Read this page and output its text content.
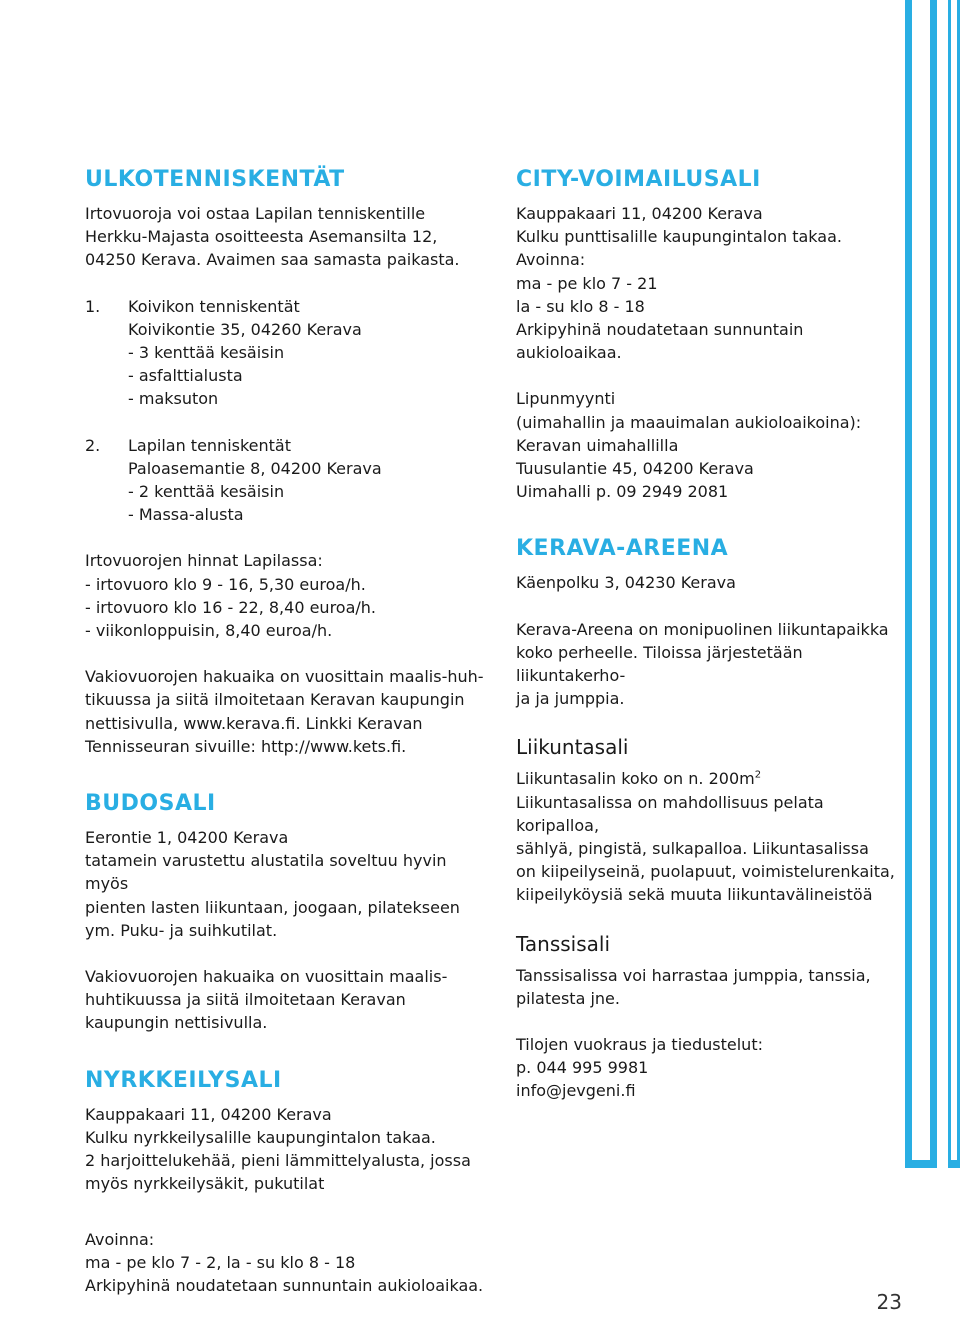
ULKOTENNISKENTÄT
Irtovuoroja voi ostaa Lapilan tenniskentille
Herkku-Majasta osoitteesta Asemansilta 12,
04250 Kerava. Avaimen saa samasta paikasta.
1.	Koivikon tenniskentät
Koivikontie 35, 04260 Kerava
- 3 kenttää kesäisin
- asfalttialusta
- maksuton
2.	Lapilan tenniskentät
Paloasemantie 8, 04200 Kerava
- 2 kenttää kesäisin
- Massa-alusta
Irtovuorojen hinnat Lapilassa:
- irtovuoro klo 9 - 16, 5,30 euroa/h.
- irtovuoro klo 16 - 22, 8,40 euroa/h.
- viikonloppuisin, 8,40 euroa/h.
Vakiovuorojen hakuaika on vuosittain maalis-huh-
tikuussa ja siitä ilmoitetaan Keravan kaupungin
nettisivulla, www.kerava.fi. Linkki Keravan
Tennisseuran sivuille: http://www.kets.fi.
BUDOSALI
Eerontie 1, 04200 Kerava
tatamein varustettu alustatila soveltuu hyvin myös
pienten lasten liikuntaan, joogaan, pilatekseen
ym. Puku- ja suihkutilat.
Vakiovuorojen hakuaika on vuosittain maalis-
huhtikuussa ja siitä ilmoitetaan Keravan
kaupungin nettisivulla.
NYRKKEILYSALI
Kauppakaari 11, 04200 Kerava
Kulku nyrkkeilysalille kaupungintalon takaa.
2 harjoittelukehää, pieni lämmittelyalusta, jossa
myös nyrkkeilysäkit, pukutilat
Avoinna:
ma - pe klo 7 - 2, la - su klo 8 - 18
Arkipyhinä noudatetaan sunnuntain aukioloaikaa.
CITY-VOIMAILUSALI
Kauppakaari 11, 04200 Kerava
Kulku punttisalille kaupungintalon takaa.
Avoinna:
ma - pe klo 7 - 21
la - su klo 8 - 18
Arkipyhinä noudatetaan sunnuntain
aukioloaikaa.
Lipunmyynti
(uimahallin ja maauimalan aukioloaikoina):
Keravan uimahallilla
Tuusulantie 45, 04200 Kerava
Uimahalli p. 09 2949 2081
KERAVA-AREENA
Käenpolku 3, 04230 Kerava
Kerava-Areena on monipuolinen liikuntapaikka
koko perheelle. Tiloissa järjestetään liikuntakerho-
ja ja jumppia.
Liikuntasali
Liikuntasalin koko on n. $200m^2$
Liikuntasalissa on mahdollisuus pelata koripalloa,
sählyä, pingistä, sulkapalloa. Liikuntasalissa
on kiipeilyseinä, puolapuut, voimistelurenkaita,
kiipeilyköysiä sekä muuta liikuntavälineistöä
Tanssisali
Tanssisalissa voi harrastaa jumppia, tanssia,
pilatesta jne.
Tilojen vuokraus ja tiedustelut:
p. 044 995 9981
info@jevgeni.fi
23
